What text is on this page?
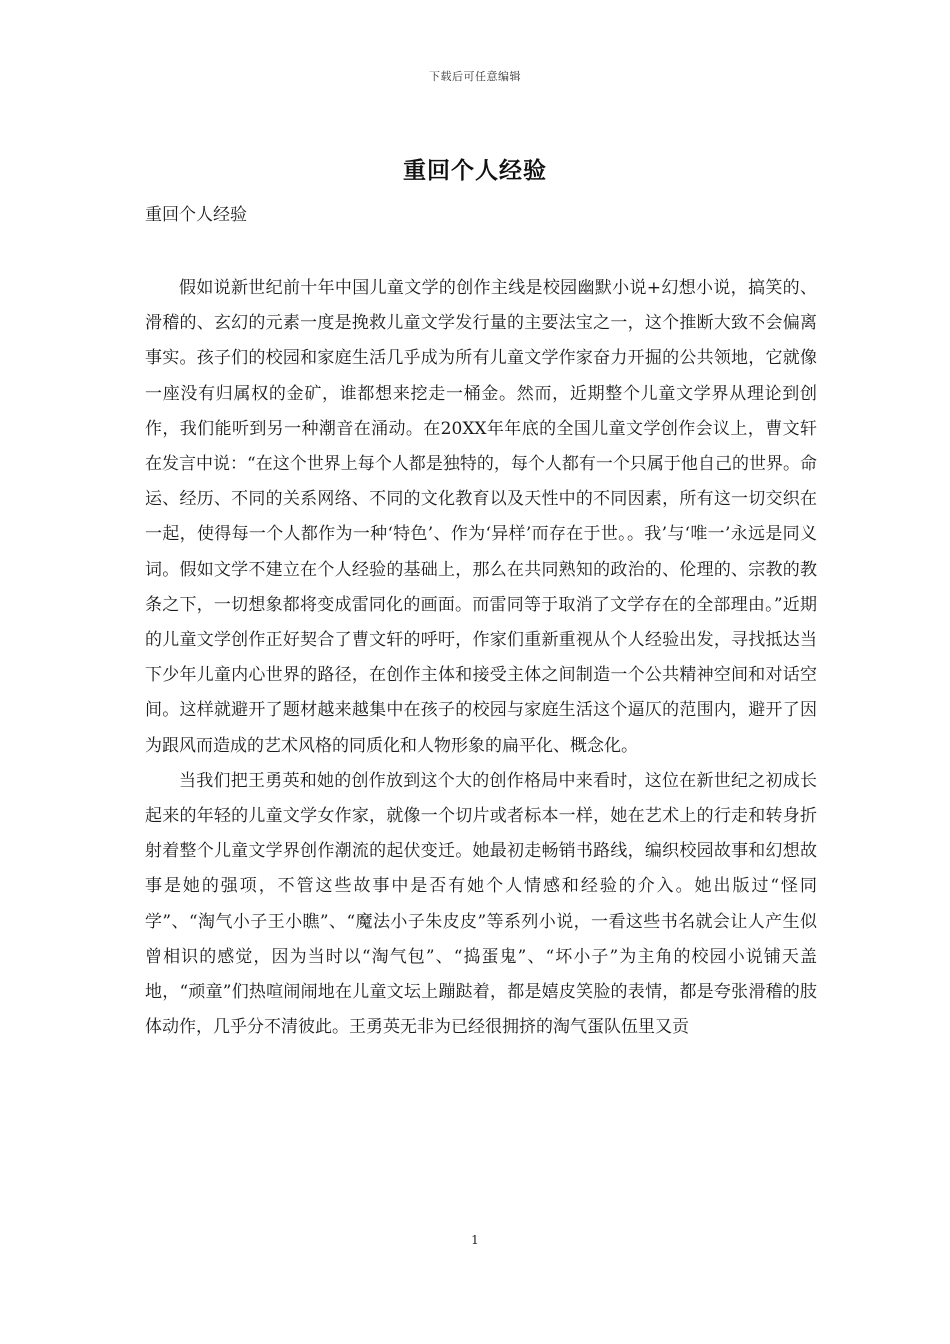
下载后可任意编辑
重回个人经验
重回个人经验

假如说新世纪前十年中国儿童文学的创作主线是校园幽默小说+幻想小说，搞笑的、滑稽的、玄幻的元素一度是挽救儿童文学发行量的主要法宝之一，这个推断大致不会偏离事实。孩子们的校园和家庭生活几乎成为所有儿童文学作家奋力开掘的公共领地，它就像一座没有归属权的金矿，谁都想来挖走一桶金。然而，近期整个儿童文学界从理论到创作，我们能听到另一种潮音在涌动。在20XX年年底的全国儿童文学创作会议上，曹文轩在发言中说：“在这个世界上每个人都是独特的，每个人都有一个只属于他自己的世界。命运、经历、不同的关系网络、不同的文化教育以及天性中的不同因素，所有这一切交织在一起，使得每一个人都作为一种‘特色’、作为‘异样’而存在于世。。我’与‘唯一’永远是同义词。假如文学不建立在个人经验的基础上，那么在共同熟知的政治的、伦理的、宗教的教条之下，一切想象都将变成雷同化的画面。而雷同等于取消了文学存在的全部理由。”近期的儿童文学创作正好契合了曹文轩的呼吁，作家们重新重视从个人经验出发，寻找抵达当下少年儿童内心世界的路径，在创作主体和接受主体之间制造一个公共精神空间和对话空间。这样就避开了题材越来越集中在孩子的校园与家庭生活这个逼仄的范围内，避开了因为跟风而造成的艺术风格的同质化和人物形象的扁平化、概念化。

当我们把王勇英和她的创作放到这个大的创作格局中来看时，这位在新世纪之初成长起来的年轻的儿童文学女作家，就像一个切片或者标本一样，她在艺术上的行走和转身折射着整个儿童文学界创作潮流的起伏变迁。她最初走畅销书路线，编织校园故事和幻想故事是她的强项，不管这些故事中是否有她个人情感和经验的介入。她出版过“怪同学”、“淘气小子王小瞧”、“魔法小子朱皮皮”等系列小说，一看这些书名就会让人产生似曾相识的感觉，因为当时以“淘气包”、“捣蛋鬼”、“坏小子”为主角的校园小说铺天盖地，“顽童”们热喧闹闹地在儿童文坛上蹦跶着，都是嬉皮笑脸的表情，都是夸张滑稽的肢体动作，几乎分不清彼此。王勇英无非为已经很拥挤的淘气蛋队伍里又贡

1
